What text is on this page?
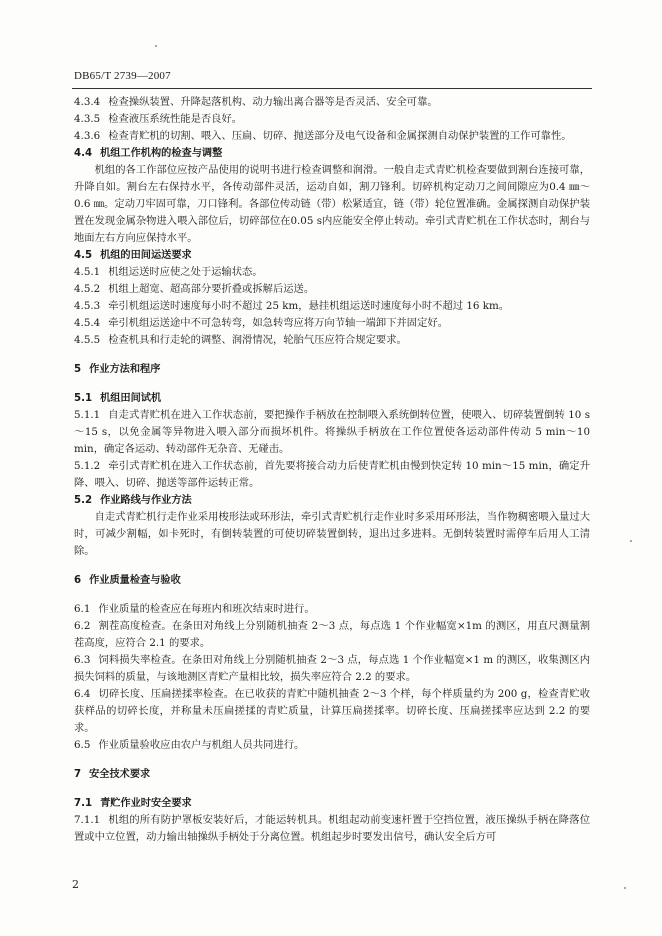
DB65/T 2739—2007

4.3.4 检查操纵装置、升降起落机构、动力输出离合器等是否灵活、安全可靠。

4.3.5 检查液压系统性能是否良好。

4.3.6 检查青贮机的切割、喂入、压扁、切碎、抛送部分及电气设备和金属探测自动保护装置的工作可靠性。

4.4 机组工作机构的检查与调整

机组的各工作部位应按产品使用的说明书进行检查调整和润滑。一般自走式青贮机检查要做到割台连接可靠，升降自如。割台左右保持水平，各传动部件灵活，运动自如，割刀锋利。切碎机构定动刀之间间隙应为0.4 ㎜～0.6 ㎜。定动刀牢固可靠，刀口锋利。各部位传动链（带）松紧适宜，链（带）轮位置准确。金属探测自动保护装置在发现金属杂物进入喂入部位后，切碎部位在0.05 s内应能安全停止转动。牵引式青贮机在工作状态时，割台与地面左右方向应保持水平。

4.5 机组的田间运送要求

4.5.1 机组运送时应使之处于运输状态。

4.5.2 机组上超宽、超高部分要折叠或拆解后运送。

4.5.3 牵引机组运送时速度每小时不超过 25 km，悬挂机组运送时速度每小时不超过 16 km。

4.5.4 牵引机组运送途中不可急转弯，如急转弯应将万向节轴一端卸下并固定好。

4.5.5 检查机具和行走轮的调整、润滑情况，轮胎气压应符合规定要求。

5 作业方法和程序

5.1 机组田间试机

5.1.1 自走式青贮机在进入工作状态前，要把操作手柄放在控制喂入系统倒转位置，使喂入、切碎装置倒转 10 s～15 s，以免金属等异物进入喂入部分而损坏机件。将操纵手柄放在工作位置使各运动部件传动 5 min～10 min，确定各运动、转动部件无杂音、无碰击。

5.1.2 牵引式青贮机在进入工作状态前，首先要将接合动力后使青贮机由慢到快定转 10 min～15 min，确定升降、喂入、切碎、抛送等部件运转正常。

5.2 作业路线与作业方法

自走式青贮机行走作业采用梭形法或环形法，牵引式青贮机行走作业时多采用环形法，当作物稠密喂入量过大时，可减少割幅，如卡死时，有倒转装置的可使切碎装置倒转，退出过多进料。无倒转装置时需停车后用人工清除。

6 作业质量检查与验收

6.1 作业质量的检查应在每班内和班次结束时进行。

6.2 割茬高度检查。在条田对角线上分别随机抽查 2～3 点，每点选 1 个作业幅宽×1m 的测区，用直尺测量割茬高度，应符合 2.1 的要求。

6.3 饲料损失率检查。在条田对角线上分别随机抽查 2～3 点，每点选 1 个作业幅宽×1 m 的测区，收集测区内损失饲料的质量，与该地测区青贮产量相比较，损失率应符合 2.2 的要求。

6.4 切碎长度、压扁搓揉率检查。在已收获的青贮中随机抽查 2～3 个样，每个样质量约为 200 g，检查青贮收获样品的切碎长度，并称量未压扁搓揉的青贮质量，计算压扁搓揉率。切碎长度、压扁搓揉率应达到 2.2 的要求。

6.5 作业质量验收应由农户与机组人员共同进行。

7 安全技术要求

7.1 青贮作业时安全要求

7.1.1 机组的所有防护罩板安装好后，才能运转机具。机组起动前变速杆置于空挡位置，液压操纵手柄在降落位置或中立位置，动力输出轴操纵手柄处于分离位置。机组起步时要发出信号，确认安全后方可

2
